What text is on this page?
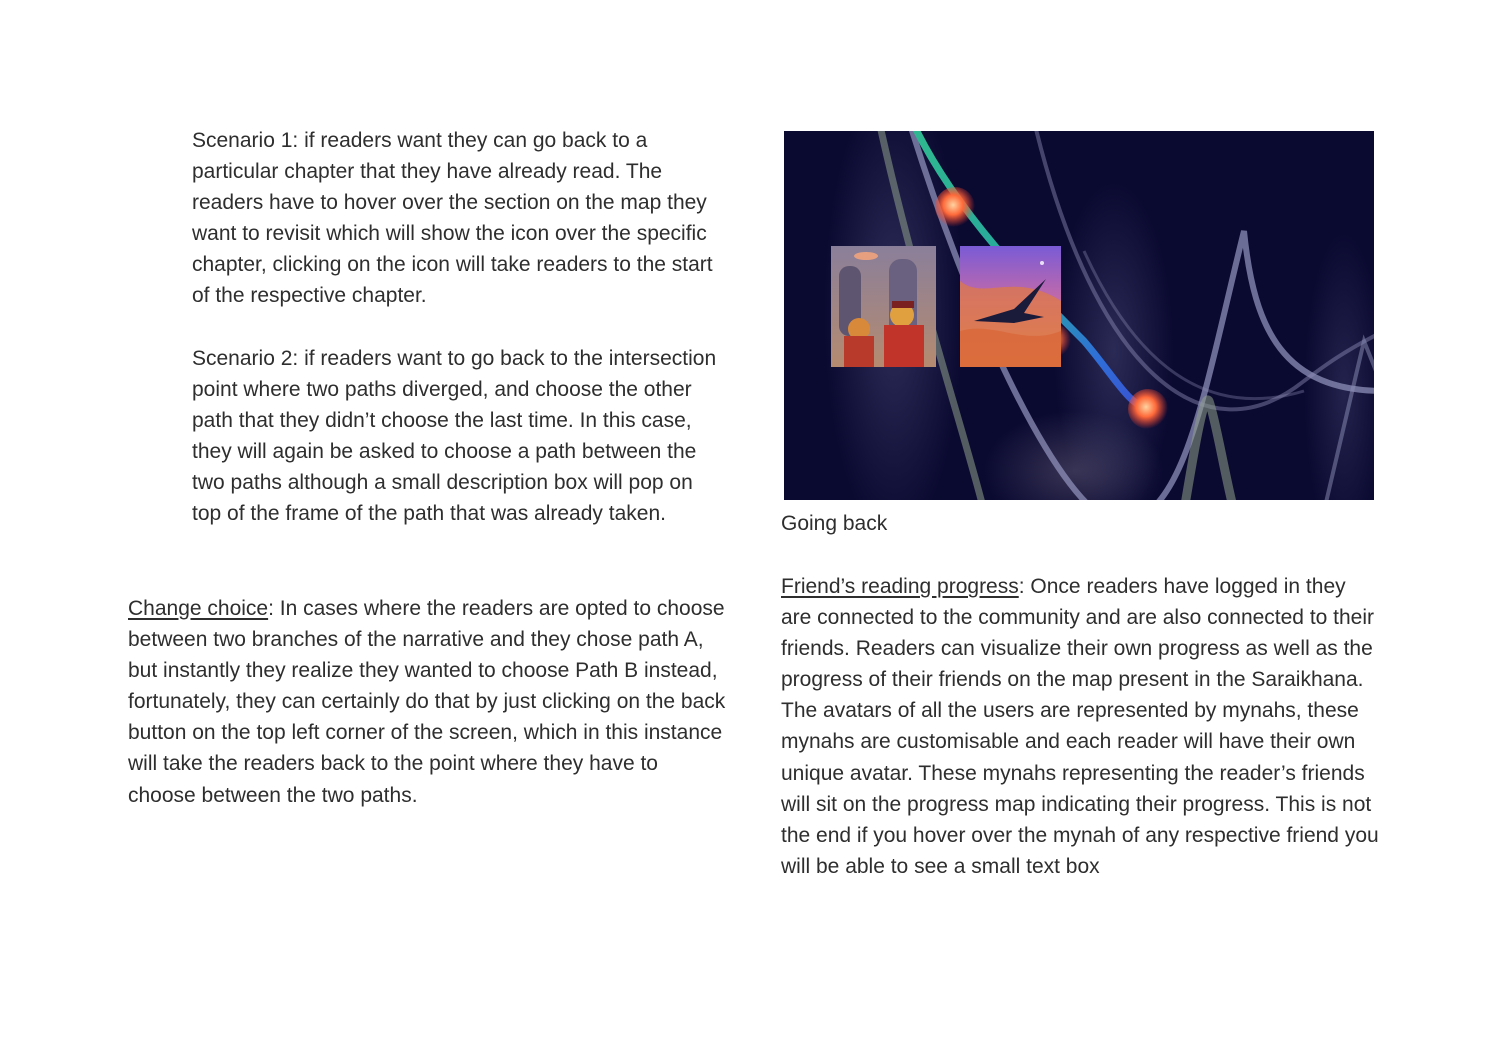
Scenario 1: if readers want they can go back to a particular chapter that they have already read. The readers have to hover over the section on the map they want to revisit which will show the icon over the specific chapter, clicking on the icon will take readers to the start of the respective chapter.

Scenario 2: if readers want to go back to the intersection point where two paths diverged, and choose the other path that they didn’t choose the last time. In this case, they will again be asked to choose a path between the two paths although a small description box will pop on top of the frame of the path that was already taken.

Change choice: In cases where the readers are opted to choose between two branches of the narrative and they chose path A, but instantly they realize they wanted to choose Path B instead, fortunately, they can certainly do that by just clicking on the back button on the top left corner of the screen, which in this instance will take the readers back to the point where they have to choose between the two paths.

Going back

Friend’s reading progress: Once readers have logged in they are connected to the community and are also connected to their friends. Readers can visualize their own progress as well as the progress of their friends on the map present in the Saraikhana. The avatars of all the users are represented by mynahs, these mynahs are customisable and each reader will have their own unique avatar. These mynahs representing the reader’s friends will sit on the progress map indicating their progress. This is not the end if you hover over the mynah of any respective friend you will be able to see a small text box
